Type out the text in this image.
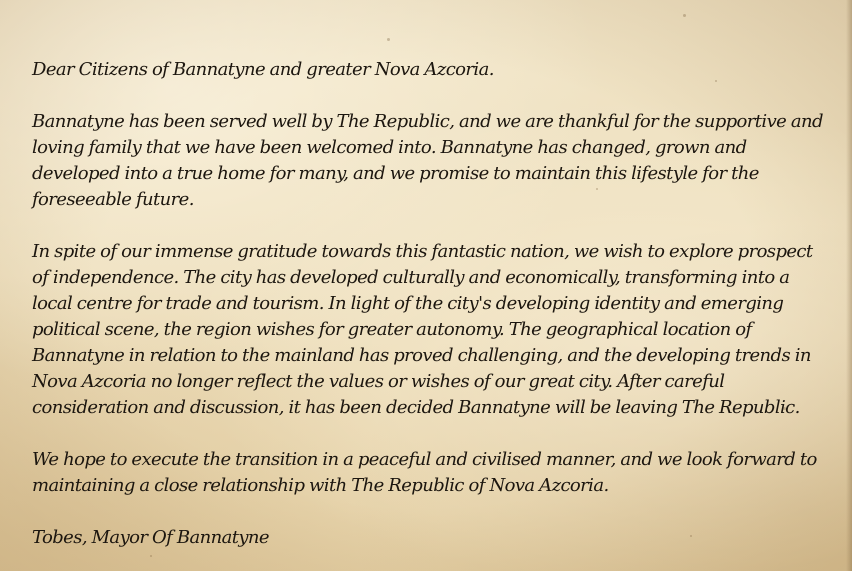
Dear Citizens of Bannatyne and greater Nova Azcoria.

Bannatyne has been served well by The Republic, and we are thankful for the supportive and loving family that we have been welcomed into. Bannatyne has changed, grown and developed into a true home for many, and we promise to maintain this lifestyle for the foreseeable future.

In spite of our immense gratitude towards this fantastic nation, we wish to explore prospect of independence. The city has developed culturally and economically, transforming into a local centre for trade and tourism. In light of the city's developing identity and emerging political scene, the region wishes for greater autonomy. The geographical location of Bannatyne in relation to the mainland has proved challenging, and the developing trends in Nova Azcoria no longer reflect the values or wishes of our great city. After careful consideration and discussion, it has been decided Bannatyne will be leaving The Republic.

We hope to execute the transition in a peaceful and civilised manner, and we look forward to maintaining a close relationship with The Republic of Nova Azcoria.

Tobes, Mayor Of Bannatyne
